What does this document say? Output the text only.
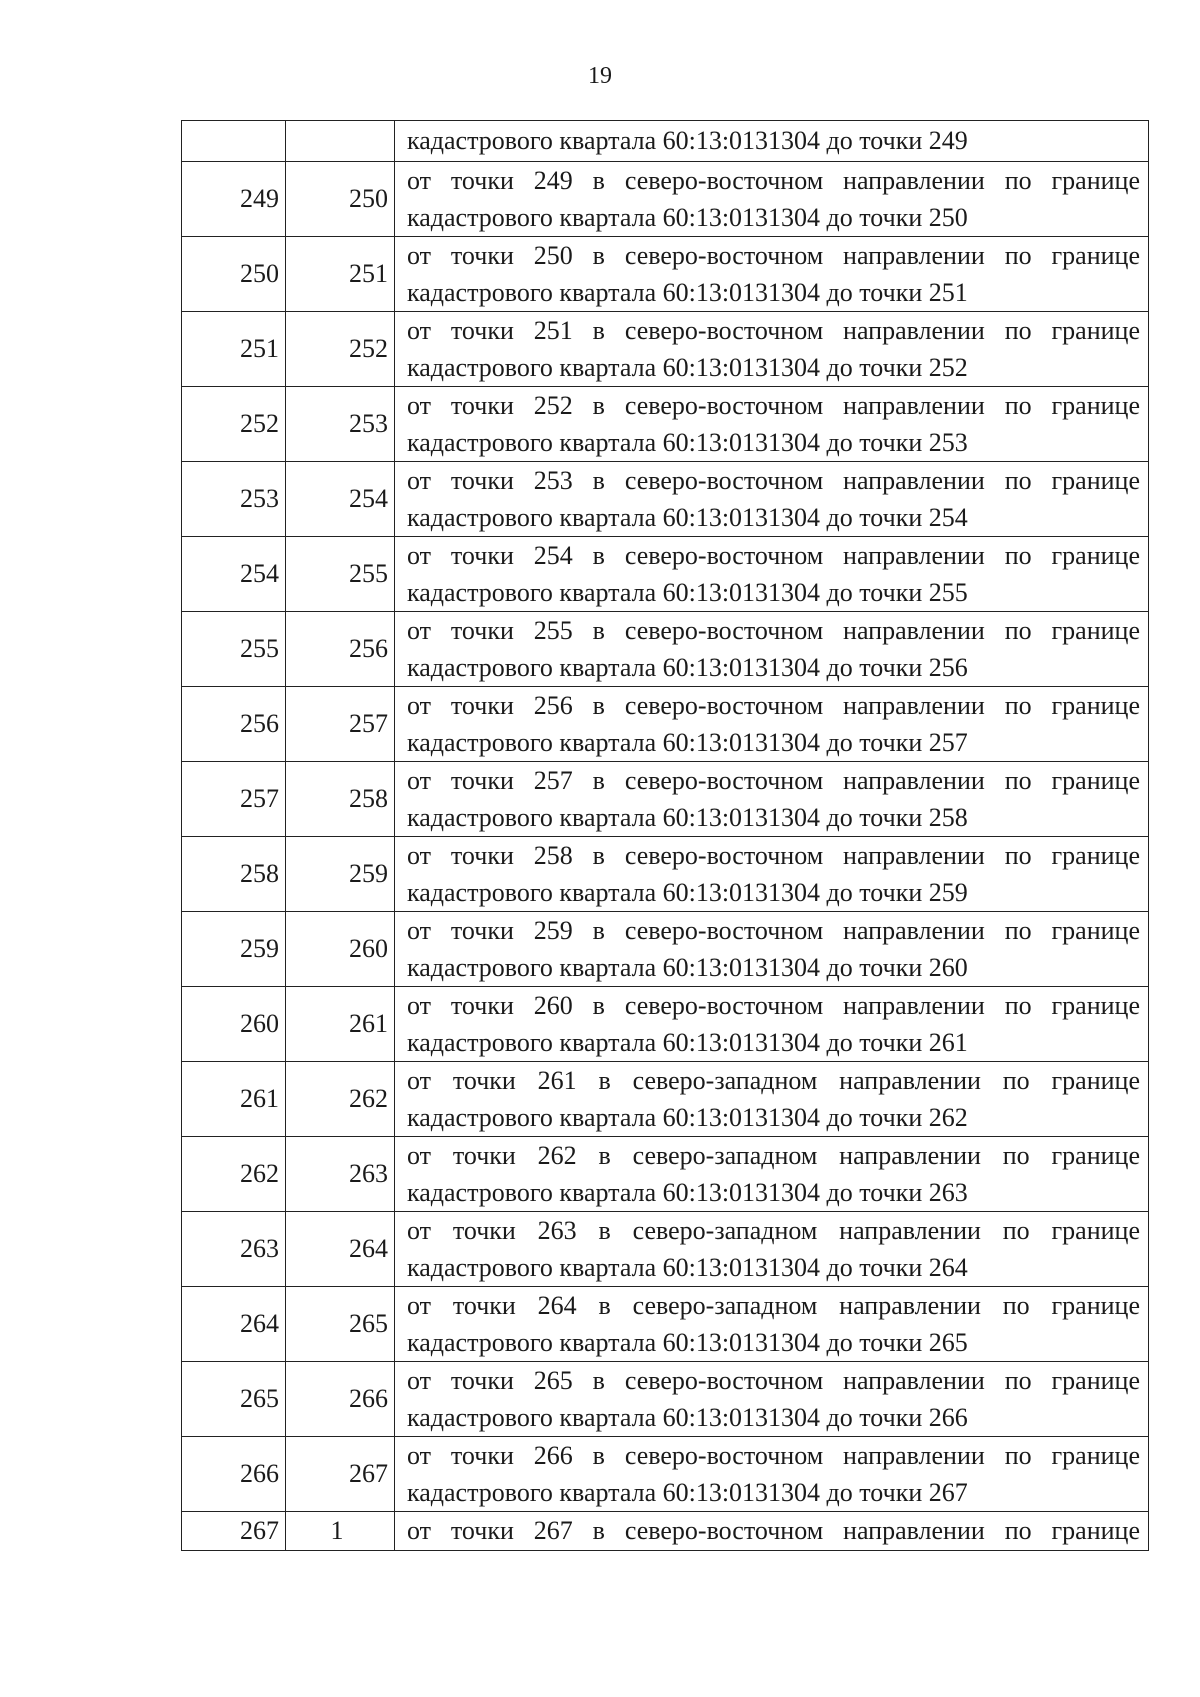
19

		кадастрового квартала 60:13:0131304 до точки 249

249	250	от точки 249 в северо-восточном направлении по границе
кадастрового квартала 60:13:0131304 до точки 250

250	251	от точки 250 в северо-восточном направлении по границе
кадастрового квартала 60:13:0131304 до точки 251

251	252	от точки 251 в северо-восточном направлении по границе
кадастрового квартала 60:13:0131304 до точки 252

252	253	от точки 252 в северо-восточном направлении по границе
кадастрового квартала 60:13:0131304 до точки 253

253	254	от точки 253 в северо-восточном направлении по границе
кадастрового квартала 60:13:0131304 до точки 254

254	255	от точки 254 в северо-восточном направлении по границе
кадастрового квартала 60:13:0131304 до точки 255

255	256	от точки 255 в северо-восточном направлении по границе
кадастрового квартала 60:13:0131304 до точки 256

256	257	от точки 256 в северо-восточном направлении по границе
кадастрового квартала 60:13:0131304 до точки 257

257	258	от точки 257 в северо-восточном направлении по границе
кадастрового квартала 60:13:0131304 до точки 258

258	259	от точки 258 в северо-восточном направлении по границе
кадастрового квартала 60:13:0131304 до точки 259

259	260	от точки 259 в северо-восточном направлении по границе
кадастрового квартала 60:13:0131304 до точки 260

260	261	от точки 260 в северо-восточном направлении по границе
кадастрового квартала 60:13:0131304 до точки 261

261	262	от точки 261 в северо-западном направлении по границе
кадастрового квартала 60:13:0131304 до точки 262

262	263	от точки 262 в северо-западном направлении по границе
кадастрового квартала 60:13:0131304 до точки 263

263	264	от точки 263 в северо-западном направлении по границе
кадастрового квартала 60:13:0131304 до точки 264

264	265	от точки 264 в северо-западном направлении по границе
кадастрового квартала 60:13:0131304 до точки 265

265	266	от точки 265 в северо-восточном направлении по границе
кадастрового квартала 60:13:0131304 до точки 266

266	267	от точки 266 в северо-восточном направлении по границе
кадастрового квартала 60:13:0131304 до точки 267

267	1	от точки 267 в северо-восточном направлении по границе
